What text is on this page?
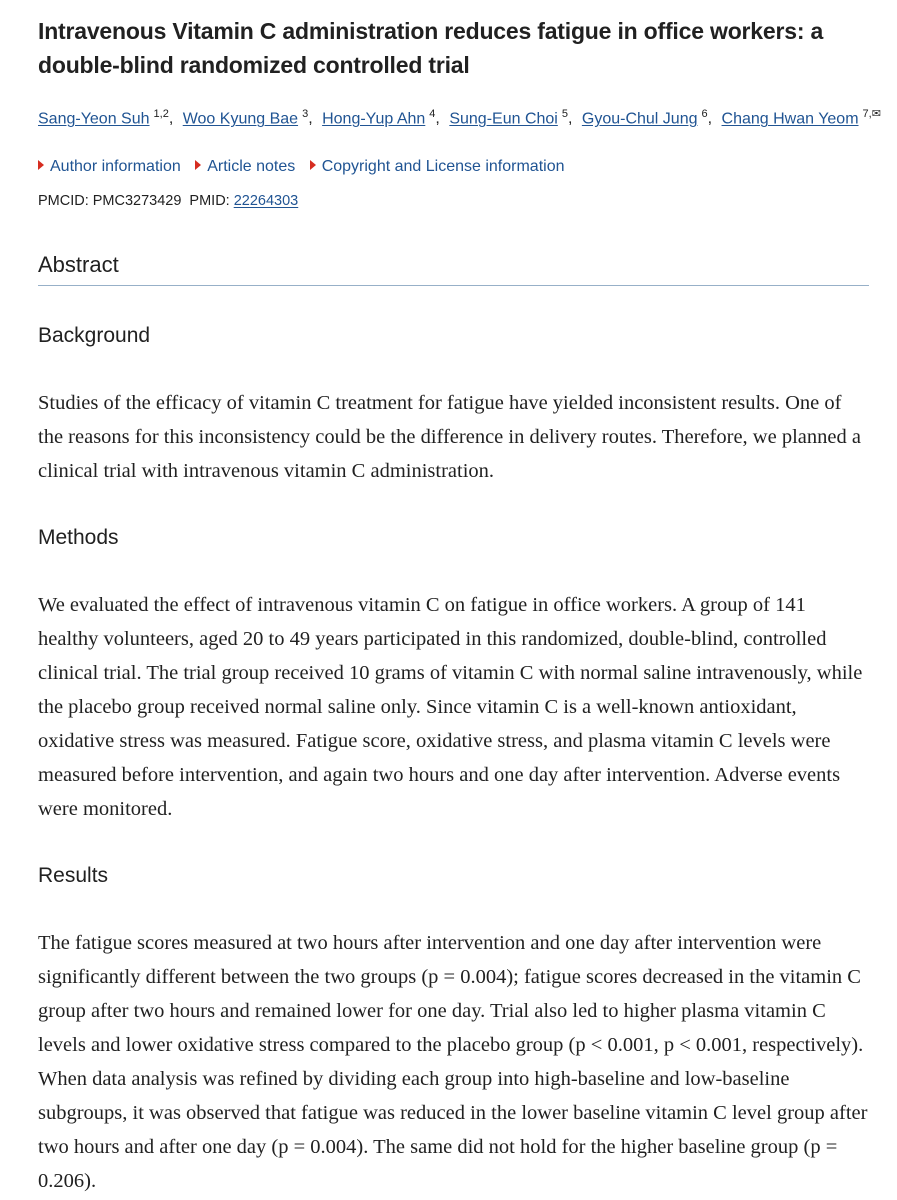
Intravenous Vitamin C administration reduces fatigue in office workers: a double-blind randomized controlled trial
Sang-Yeon Suh $^{1,2}$, Woo Kyung Bae $^3$, Hong-Yup Ahn $^4$, Sung-Eun Choi $^5$, Gyou-Chul Jung $^6$, Chang Hwan Yeom $^{7,✉}$
Author information Article notes Copyright and License information
PMCID: PMC3273429 PMID: 22264303
Abstract
Background
Studies of the efficacy of vitamin C treatment for fatigue have yielded inconsistent results. One of the reasons for this inconsistency could be the difference in delivery routes. Therefore, we planned a clinical trial with intravenous vitamin C administration.
Methods
We evaluated the effect of intravenous vitamin C on fatigue in office workers. A group of 141 healthy volunteers, aged 20 to 49 years participated in this randomized, double-blind, controlled clinical trial. The trial group received 10 grams of vitamin C with normal saline intravenously, while the placebo group received normal saline only. Since vitamin C is a well-known antioxidant, oxidative stress was measured. Fatigue score, oxidative stress, and plasma vitamin C levels were measured before intervention, and again two hours and one day after intervention. Adverse events were monitored.
Results
The fatigue scores measured at two hours after intervention and one day after intervention were significantly different between the two groups (p = 0.004); fatigue scores decreased in the vitamin C group after two hours and remained lower for one day. Trial also led to higher plasma vitamin C levels and lower oxidative stress compared to the placebo group (p < 0.001, p < 0.001, respectively). When data analysis was refined by dividing each group into high-baseline and low-baseline subgroups, it was observed that fatigue was reduced in the lower baseline vitamin C level group after two hours and after one day (p = 0.004). The same did not hold for the higher baseline group (p = 0.206).
